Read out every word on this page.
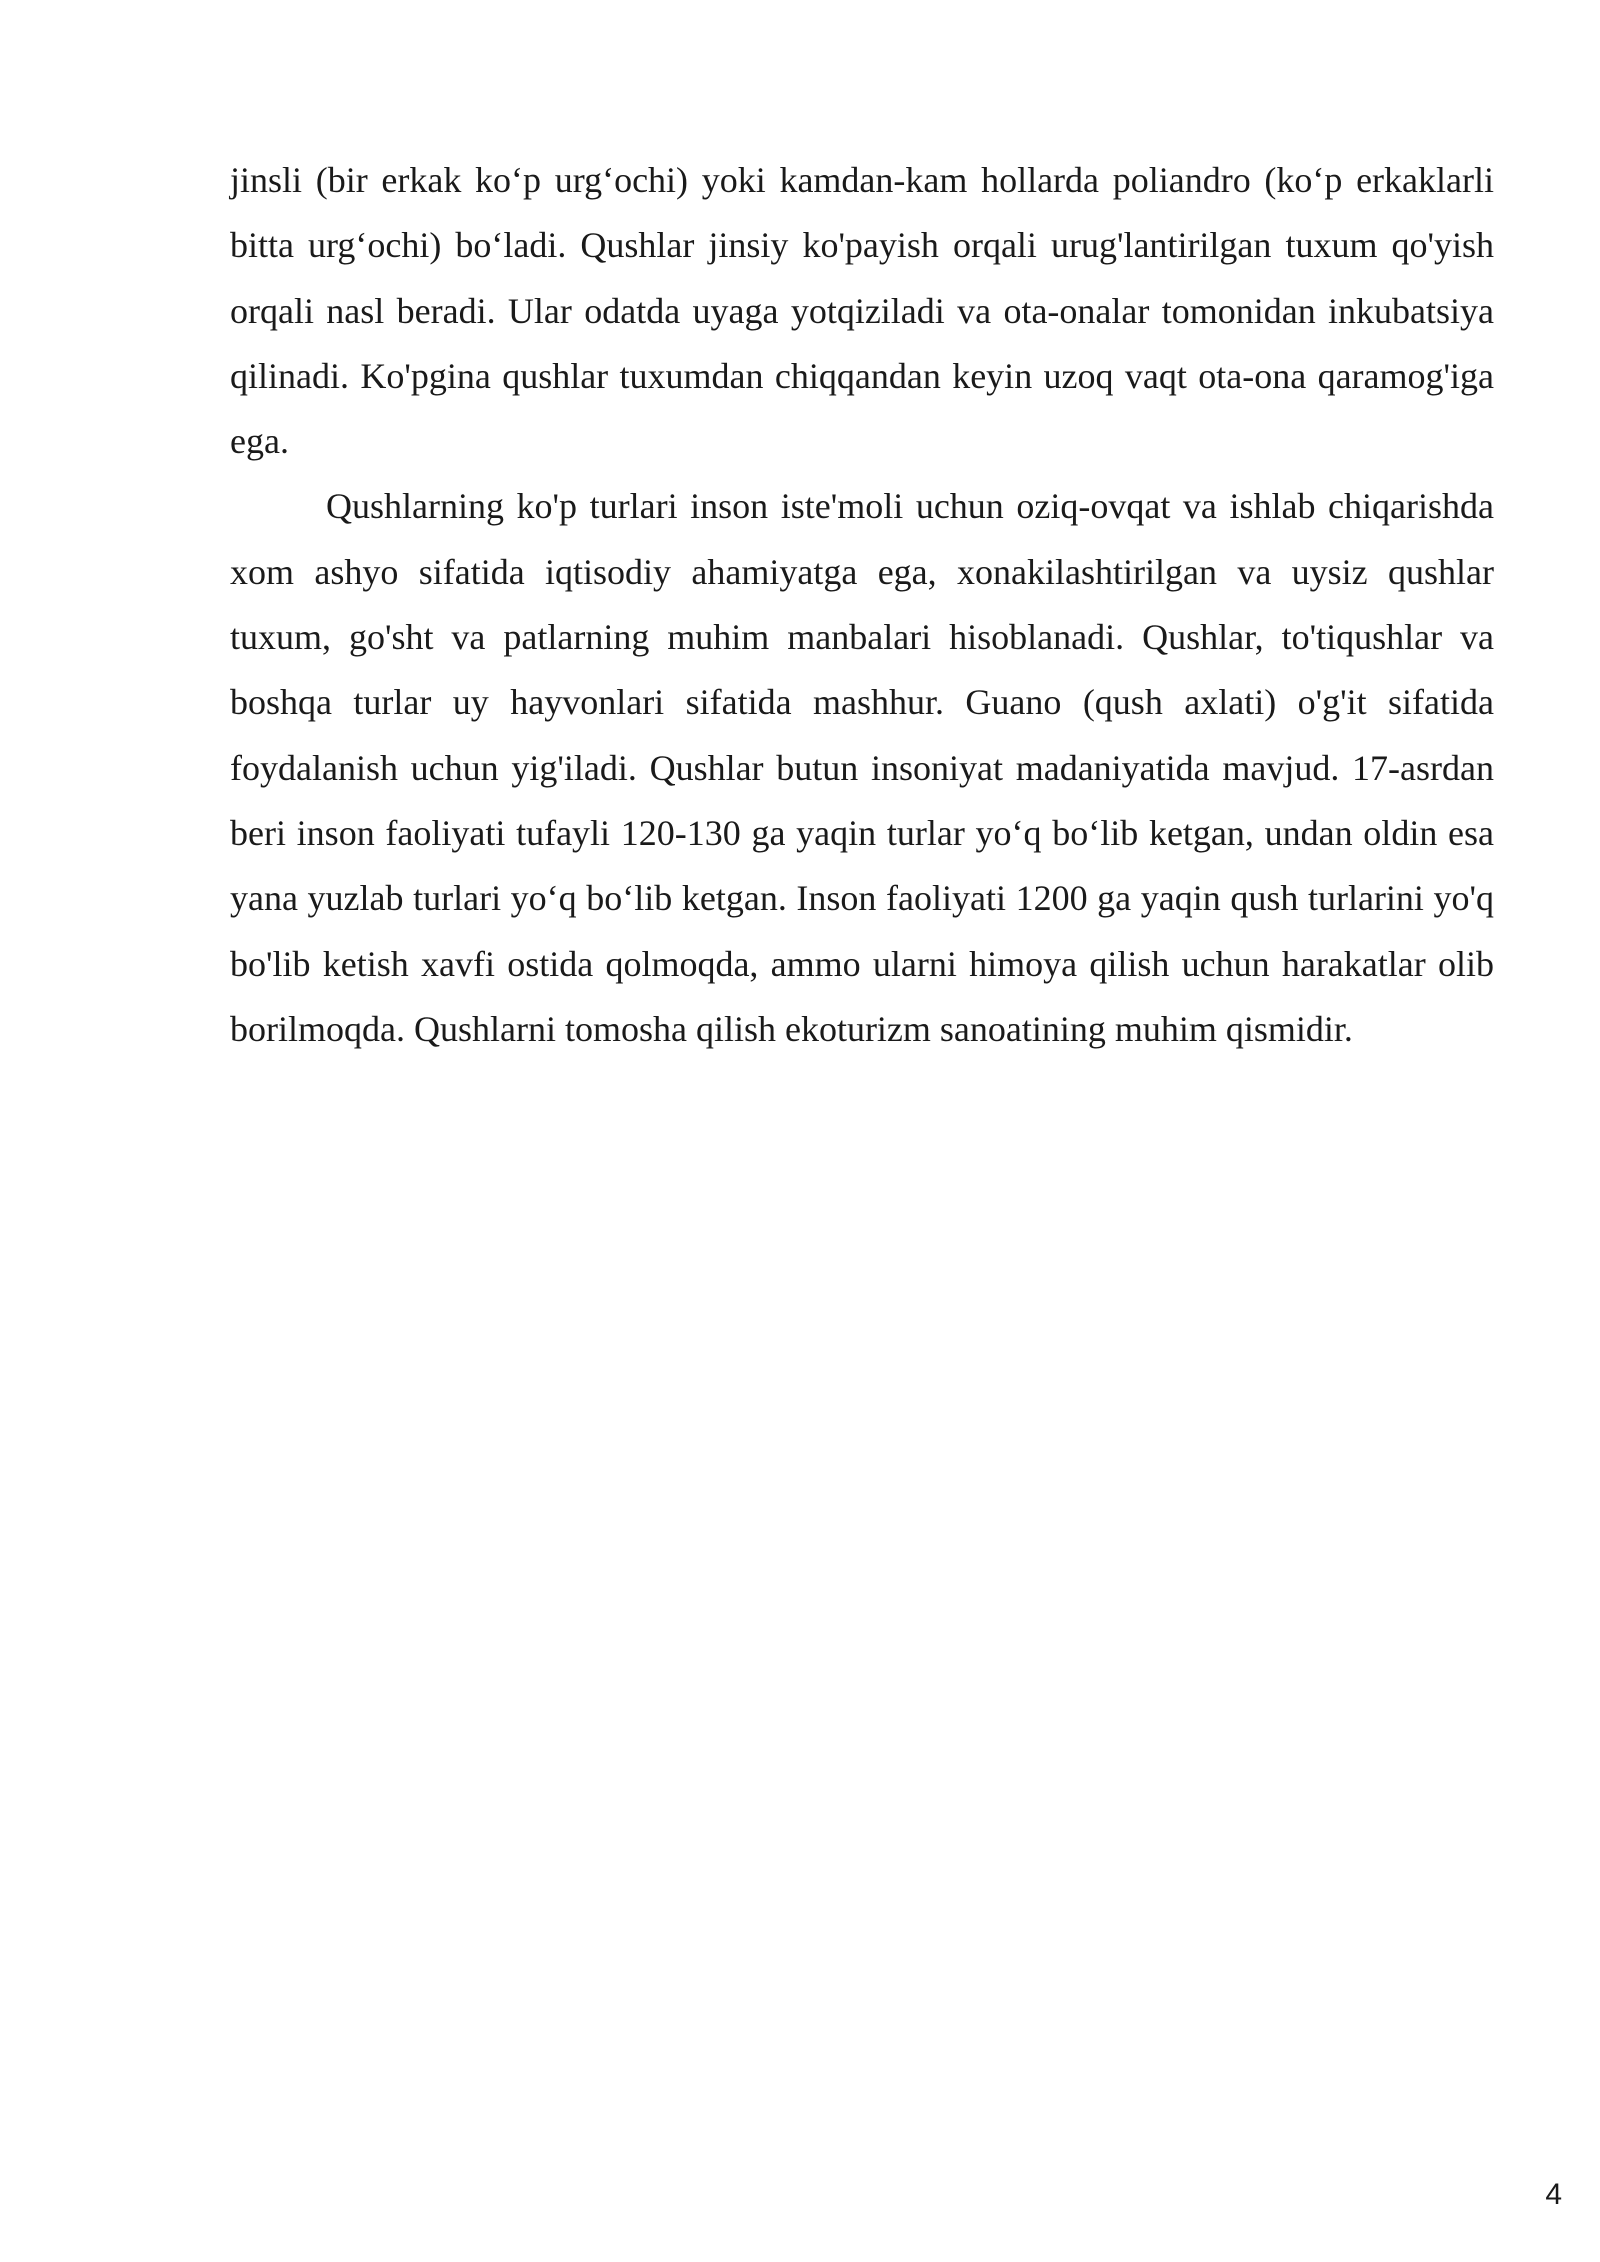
jinsli (bir erkak ko‘p urg‘ochi) yoki kamdan-kam hollarda poliandro (ko‘p erkaklarli bitta urg‘ochi) bo‘ladi. Qushlar jinsiy ko'payish orqali urug'lantirilgan tuxum qo'yish orqali nasl beradi. Ular odatda uyaga yotqiziladi va ota-onalar tomonidan inkubatsiya qilinadi. Ko'pgina qushlar tuxumdan chiqqandan keyin uzoq vaqt ota-ona qaramog'iga ega.

Qushlarning ko'p turlari inson iste'moli uchun oziq-ovqat va ishlab chiqarishda xom ashyo sifatida iqtisodiy ahamiyatga ega, xonakilashtirilgan va uysiz qushlar tuxum, go'sht va patlarning muhim manbalari hisoblanadi. Qushlar, to'tiqushlar va boshqa turlar uy hayvonlari sifatida mashhur. Guano (qush axlati) o'g'it sifatida foydalanish uchun yig'iladi. Qushlar butun insoniyat madaniyatida mavjud. 17-asrdan beri inson faoliyati tufayli 120-130 ga yaqin turlar yo‘q bo‘lib ketgan, undan oldin esa yana yuzlab turlari yo‘q bo‘lib ketgan. Inson faoliyati 1200 ga yaqin qush turlarini yo'q bo'lib ketish xavfi ostida qolmoqda, ammo ularni himoya qilish uchun harakatlar olib borilmoqda. Qushlarni tomosha qilish ekoturizm sanoatining muhim qismidir.

4
